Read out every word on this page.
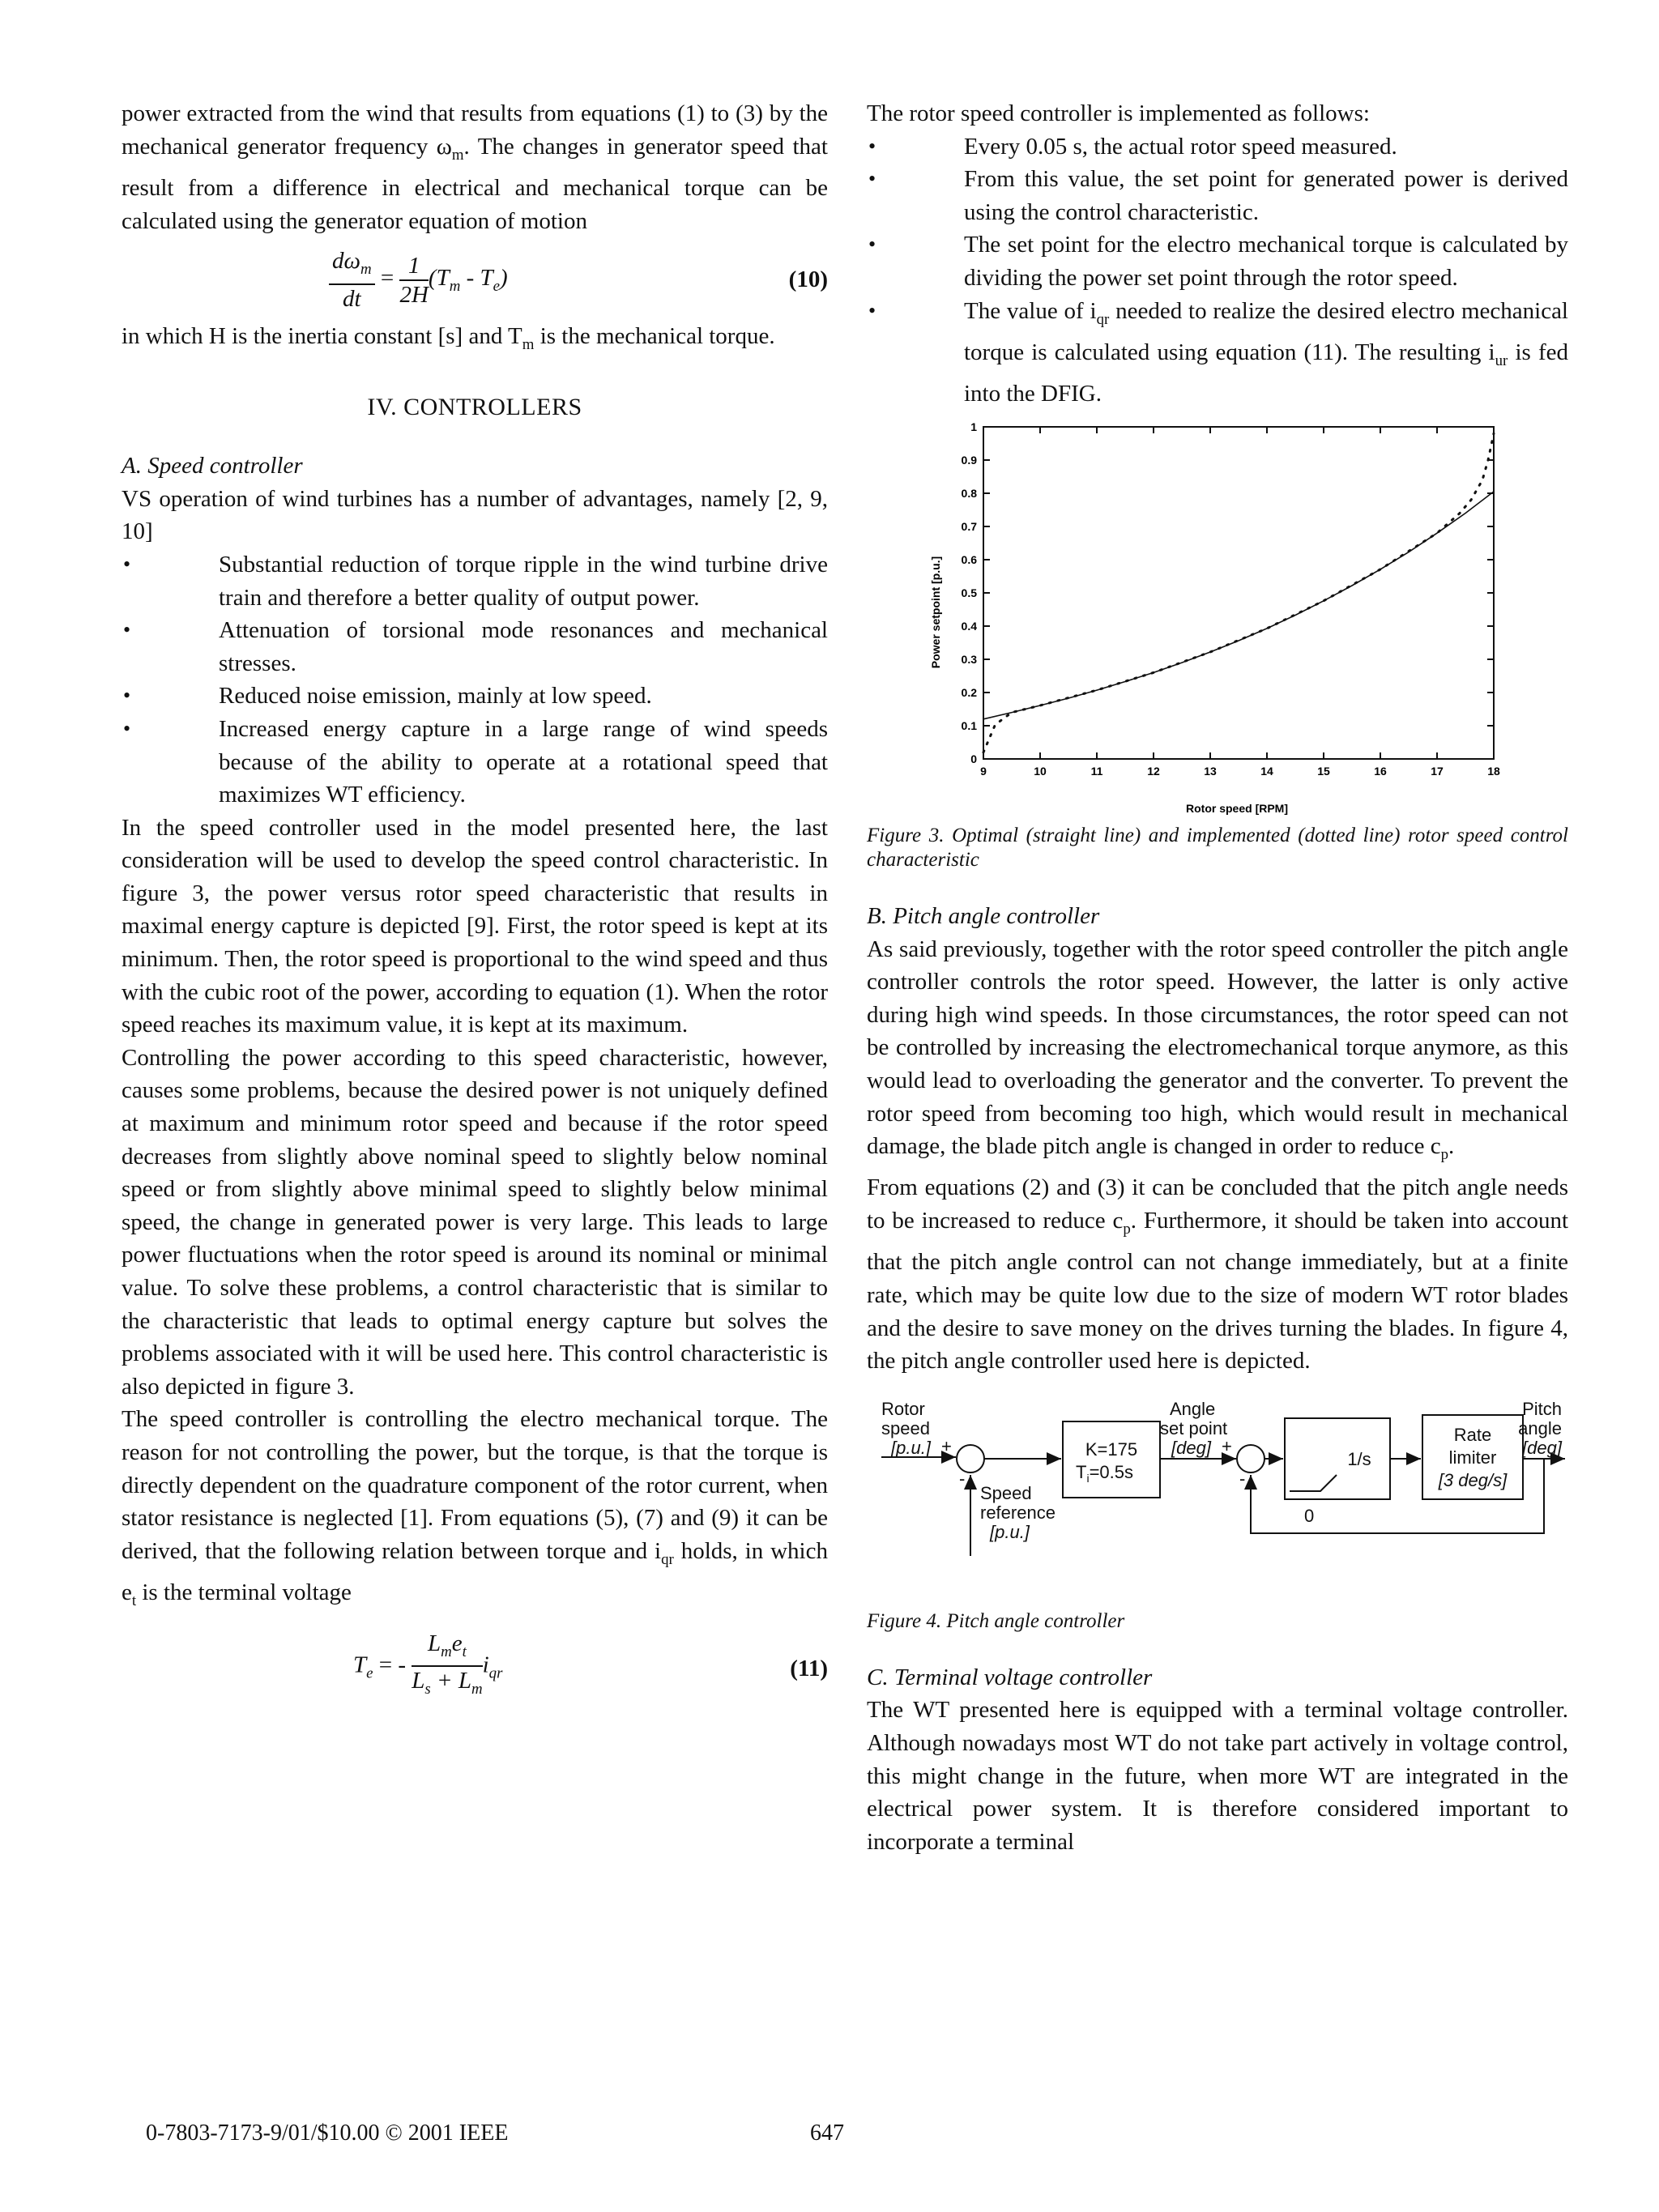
power extracted from the wind that results from equations (1) to (3) by the mechanical generator frequency $\omega_m$. The changes in generator speed that result from a difference in electrical and mechanical torque can be calculated using the generator equation of motion

$\frac{d\omega_m}{dt} = \frac{1}{2H} (T_m - T_e)$	(10)

in which H is the inertia constant [s] and $T_m$ is the mechanical torque.

IV. CONTROLLERS

A. Speed controller

VS operation of wind turbines has a number of advantages, namely [2, 9, 10]

• Substantial reduction of torque ripple in the wind turbine drive train and therefore a better quality of output power.
• Attenuation of torsional mode resonances and mechanical stresses.
• Reduced noise emission, mainly at low speed.
• Increased energy capture in a large range of wind speeds because of the ability to operate at a rotational speed that maximizes WT efficiency.

In the speed controller used in the model presented here, the last consideration will be used to develop the speed control characteristic. In figure 3, the power versus rotor speed characteristic that results in maximal energy capture is depicted [9]. First, the rotor speed is kept at its minimum. Then, the rotor speed is proportional to the wind speed and thus with the cubic root of the power, according to equation (1). When the rotor speed reaches its maximum value, it is kept at its maximum.

Controlling the power according to this speed characteristic, however, causes some problems, because the desired power is not uniquely defined at maximum and minimum rotor speed and because if the rotor speed decreases from slightly above nominal speed to slightly below nominal speed or from slightly above minimal speed to slightly below minimal speed, the change in generated power is very large. This leads to large power fluctuations when the rotor speed is around its nominal or minimal value. To solve these problems, a control characteristic that is similar to the characteristic that leads to optimal energy capture but solves the problems associated with it will be used here. This control characteristic is also depicted in figure 3.

The speed controller is controlling the electro mechanical torque. The reason for not controlling the power, but the torque, is that the torque is directly dependent on the quadrature component of the rotor current, when stator resistance is neglected [1]. From equations (5), (7) and (9) it can be derived, that the following relation between torque and $i_{qr}$ holds, in which $e_t$ is the terminal voltage

$T_e$ = - $\frac{L_me_t}{L_s + L_m} i_{qr}$	(11)

The rotor speed controller is implemented as follows:

• Every 0.05 s, the actual rotor speed measured.
• From this value, the set point for generated power is derived using the control characteristic.
• The set point for the electro mechanical torque is calculated by dividing the power set point through the rotor speed.
• The value of $i_{qr}$ needed to realize the desired electro mechanical torque is calculated using equation (11). The resulting $i_{ur}$ is fed into the DFIG.
9	10	11	12	13	14	15	16	17	18
0
0.1
0.2
0.3
0.4
0.5
0.6
0.7
0.8
0.9
1
Rotor speed [RPM]
Power setpoint [p.u.]

Figure 3. Optimal (straight line) and implemented (dotted line) rotor speed control characteristic

B. Pitch angle controller

As said previously, together with the rotor speed controller the pitch angle controller controls the rotor speed. However, the latter is only active during high wind speeds. In those circumstances, the rotor speed can not be controlled by increasing the electromechanical torque anymore, as this would lead to overloading the generator and the converter. To prevent the rotor speed from becoming too high, which would result in mechanical damage, the blade pitch angle is changed in order to reduce $c_p$.

From equations (2) and (3) it can be concluded that the pitch angle needs to be increased to reduce $c_p$. Furthermore, it should be taken into account that the pitch angle control can not change immediately, but at a finite rate, which may be quite low due to the size of modern WT rotor blades and the desire to save money on the drives turning the blades. In figure 4, the pitch angle controller used here is depicted.

Rotor
speed
[p.u.] +
-
Speed
reference
[p.u.]
K=175
$T_i=0.5s$
Angle
set point
[deg] +
-
1/s
0
Rate
limiter
[3 deg/s]
Pitch
angle
[deg]

Figure 4. Pitch angle controller

C. Terminal voltage controller

The WT presented here is equipped with a terminal voltage controller. Although nowadays most WT do not take part actively in voltage control, this might change in the future, when more WT are integrated in the electrical power system. It is therefore considered important to incorporate a terminal

0-7803-7173-9/01/$10.00 © 2001 IEEE	647
